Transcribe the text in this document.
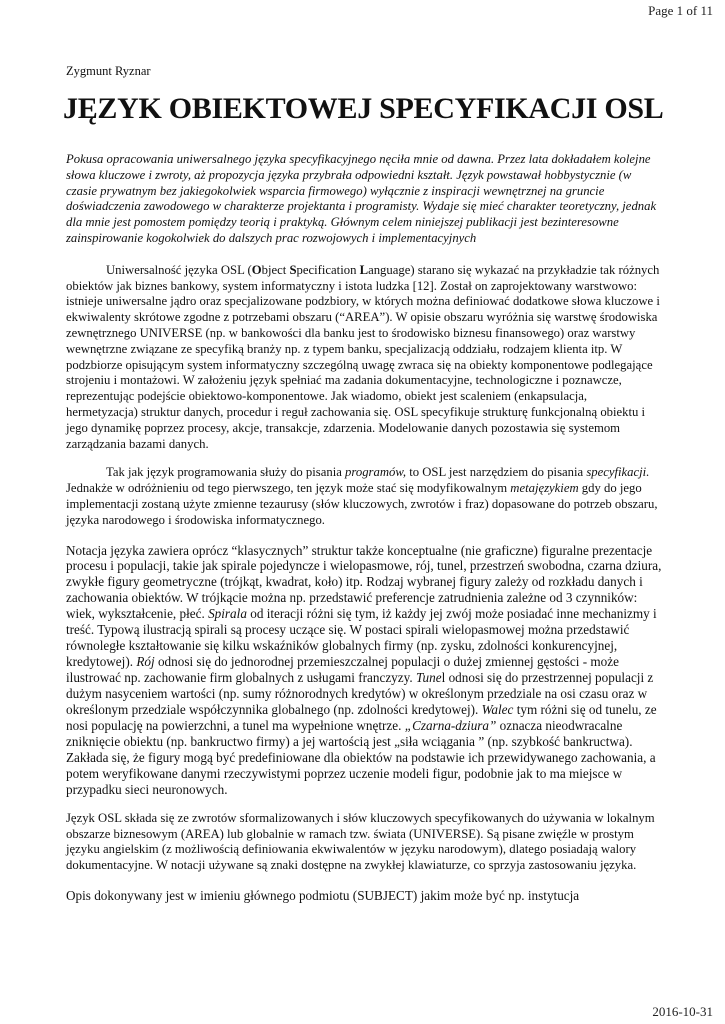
Page 1 of 11
Zygmunt Ryznar
JĘZYK OBIEKTOWEJ SPECYFIKACJI OSL

Pokusa opracowania uniwersalnego języka specyfikacyjnego nęciła mnie od dawna. Przez lata dokładałem kolejne słowa kluczowe i zwroty, aż propozycja języka przybrała odpowiedni kształt. Język powstawał hobbystycznie (w czasie prywatnym bez jakiegokolwiek wsparcia firmowego) wyłącznie z inspiracji wewnętrznej na gruncie doświadczenia zawodowego w charakterze projektanta i programisty. Wydaje się mieć charakter teoretyczny, jednak dla mnie jest pomostem pomiędzy teorią i praktyką. Głównym celem niniejszej publikacji jest bezinteresowne zainspirowanie kogokolwiek do dalszych prac rozwojowych i implementacyjnych

Uniwersalność języka OSL (Object Specification Language) starano się wykazać na przykładzie tak różnych obiektów jak biznes bankowy, system informatyczny i istota ludzka [12]. Został on zaprojektowany warstwowo: istnieje uniwersalne jądro oraz specjalizowane podzbiory, w których można definiować dodatkowe słowa kluczowe i ekwiwalenty skrótowe zgodne z potrzebami obszaru (“AREA”). W opisie obszaru wyróżnia się warstwę środowiska zewnętrznego UNIVERSE (np. w bankowości dla banku jest to środowisko biznesu finansowego) oraz warstwy wewnętrzne związane ze specyfiką branży np. z typem banku, specjalizacją oddziału, rodzajem klienta itp. W podzbiorze opisującym system informatyczny szczególną uwagę zwraca się na obiekty komponentowe podlegające strojeniu i montażowi. W założeniu język spełniać ma zadania dokumentacyjne, technologiczne i poznawcze, reprezentując podejście obiektowo-komponentowe. Jak wiadomo, obiekt jest scaleniem (enkapsulacja, hermetyzacja) struktur danych, procedur i reguł zachowania się. OSL specyfikuje strukturę funkcjonalną obiektu i jego dynamikę poprzez procesy, akcje, transakcje, zdarzenia. Modelowanie danych pozostawia się systemom zarządzania bazami danych.

Tak jak język programowania służy do pisania programów, to OSL jest narzędziem do pisania specyfikacji. Jednakże w odróżnieniu od tego pierwszego, ten język może stać się modyfikowalnym metajęzykiem gdy do jego implementacji zostaną użyte zmienne tezaurusy (słów kluczowych, zwrotów i fraz) dopasowane do potrzeb obszaru, języka narodowego i środowiska informatycznego.

Notacja języka zawiera oprócz “klasycznych” struktur także konceptualne (nie graficzne) figuralne prezentacje procesu i populacji, takie jak spirale pojedyncze i wielopasmowe, rój, tunel, przestrzeń swobodna, czarna dziura, zwykłe figury geometryczne (trójkąt, kwadrat, koło) itp. Rodzaj wybranej figury zależy od rozkładu danych i zachowania obiektów. W trójkącie można np. przedstawić preferencje zatrudnienia zależne od 3 czynników: wiek, wykształcenie, płeć. Spirala od iteracji różni się tym, iż każdy jej zwój może posiadać inne mechanizmy i treść. Typową ilustracją spirali są procesy uczące się. W postaci spirali wielopasmowej można przedstawić równoległe kształtowanie się kilku wskaźników globalnych firmy (np. zysku, zdolności konkurencyjnej, kredytowej). Rój odnosi się do jednorodnej przemieszczalnej populacji o dużej zmiennej gęstości ‐ może ilustrować np. zachowanie firm globalnych z usługami franczyzy. Tunel odnosi się do przestrzennej populacji z dużym nasyceniem wartości (np. sumy różnorodnych kredytów) w określonym przedziale na osi czasu oraz w określonym przedziale współczynnika globalnego (np. zdolności kredytowej). Walec tym różni się od tunelu, ze nosi populację na powierzchni, a tunel ma wypełnione wnętrze. „Czarna-dziura” oznacza nieodwracalne zniknięcie obiektu (np. bankructwo firmy) a jej wartością jest „siła wciągania ” (np. szybkość bankructwa). Zakłada się, że figury mogą być predefiniowane dla obiektów na podstawie ich przewidywanego zachowania, a potem weryfikowane danymi rzeczywistymi poprzez uczenie modeli figur, podobnie jak to ma miejsce w przypadku sieci neuronowych.

Język OSL składa się ze zwrotów sformalizowanych i słów kluczowych specyfikowanych do używania w lokalnym obszarze biznesowym (AREA) lub globalnie w ramach tzw. świata (UNIVERSE). Są pisane zwięźle w prostym języku angielskim (z możliwością definiowania ekwiwalentów w języku narodowym), dlatego posiadają walory dokumentacyjne. W notacji używane są znaki dostępne na zwykłej klawiaturze, co sprzyja zastosowaniu języka.

Opis dokonywany jest w imieniu głównego podmiotu (SUBJECT) jakim może być np. instytucja

2016-10-31
